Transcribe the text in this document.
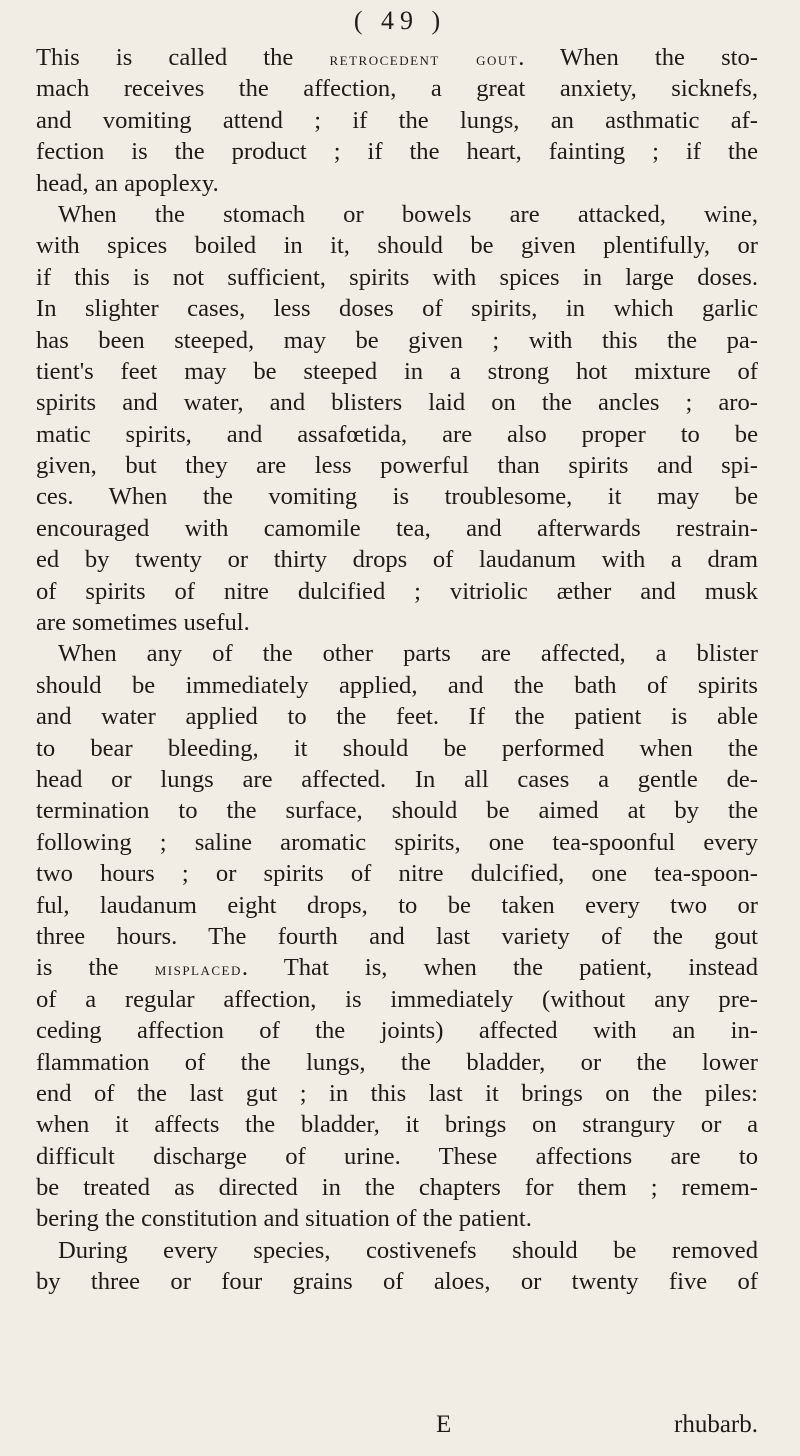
( 49 )
This is called the retrocedent gout. When the sto-
mach receives the affection, a great anxiety, sicknefs,
and vomiting attend ; if the lungs, an asthmatic af-
fection is the product ; if the heart, fainting ; if the
head, an apoplexy.
When the stomach or bowels are attacked, wine,
with spices boiled in it, should be given plentifully, or
if this is not sufficient, spirits with spices in large doses.
In slighter cases, less doses of spirits, in which garlic
has been steeped, may be given ; with this the pa-
tient's feet may be steeped in a strong hot mixture of
spirits and water, and blisters laid on the ancles ; aro-
matic spirits, and assafœtida, are also proper to be
given, but they are less powerful than spirits and spi-
ces. When the vomiting is troublesome, it may be
encouraged with camomile tea, and afterwards restrain-
ed by twenty or thirty drops of laudanum with a dram
of spirits of nitre dulcified ; vitriolic æther and musk
are sometimes useful.
When any of the other parts are affected, a blister
should be immediately applied, and the bath of spirits
and water applied to the feet. If the patient is able
to bear bleeding, it should be performed when the
head or lungs are affected. In all cases a gentle de-
termination to the surface, should be aimed at by the
following ; saline aromatic spirits, one tea-spoonful every
two hours ; or spirits of nitre dulcified, one tea-spoon-
ful, laudanum eight drops, to be taken every two or
three hours. The fourth and last variety of the gout
is the misplaced. That is, when the patient, instead
of a regular affection, is immediately (without any pre-
ceding affection of the joints) affected with an in-
flammation of the lungs, the bladder, or the lower
end of the last gut ; in this last it brings on the piles:
when it affects the bladder, it brings on strangury or a
difficult discharge of urine. These affections are to
be treated as directed in the chapters for them ; remem-
bering the constitution and situation of the patient.
During every species, costivenefs should be removed
by three or four grains of aloes, or twenty five of
E	rhubarb.
